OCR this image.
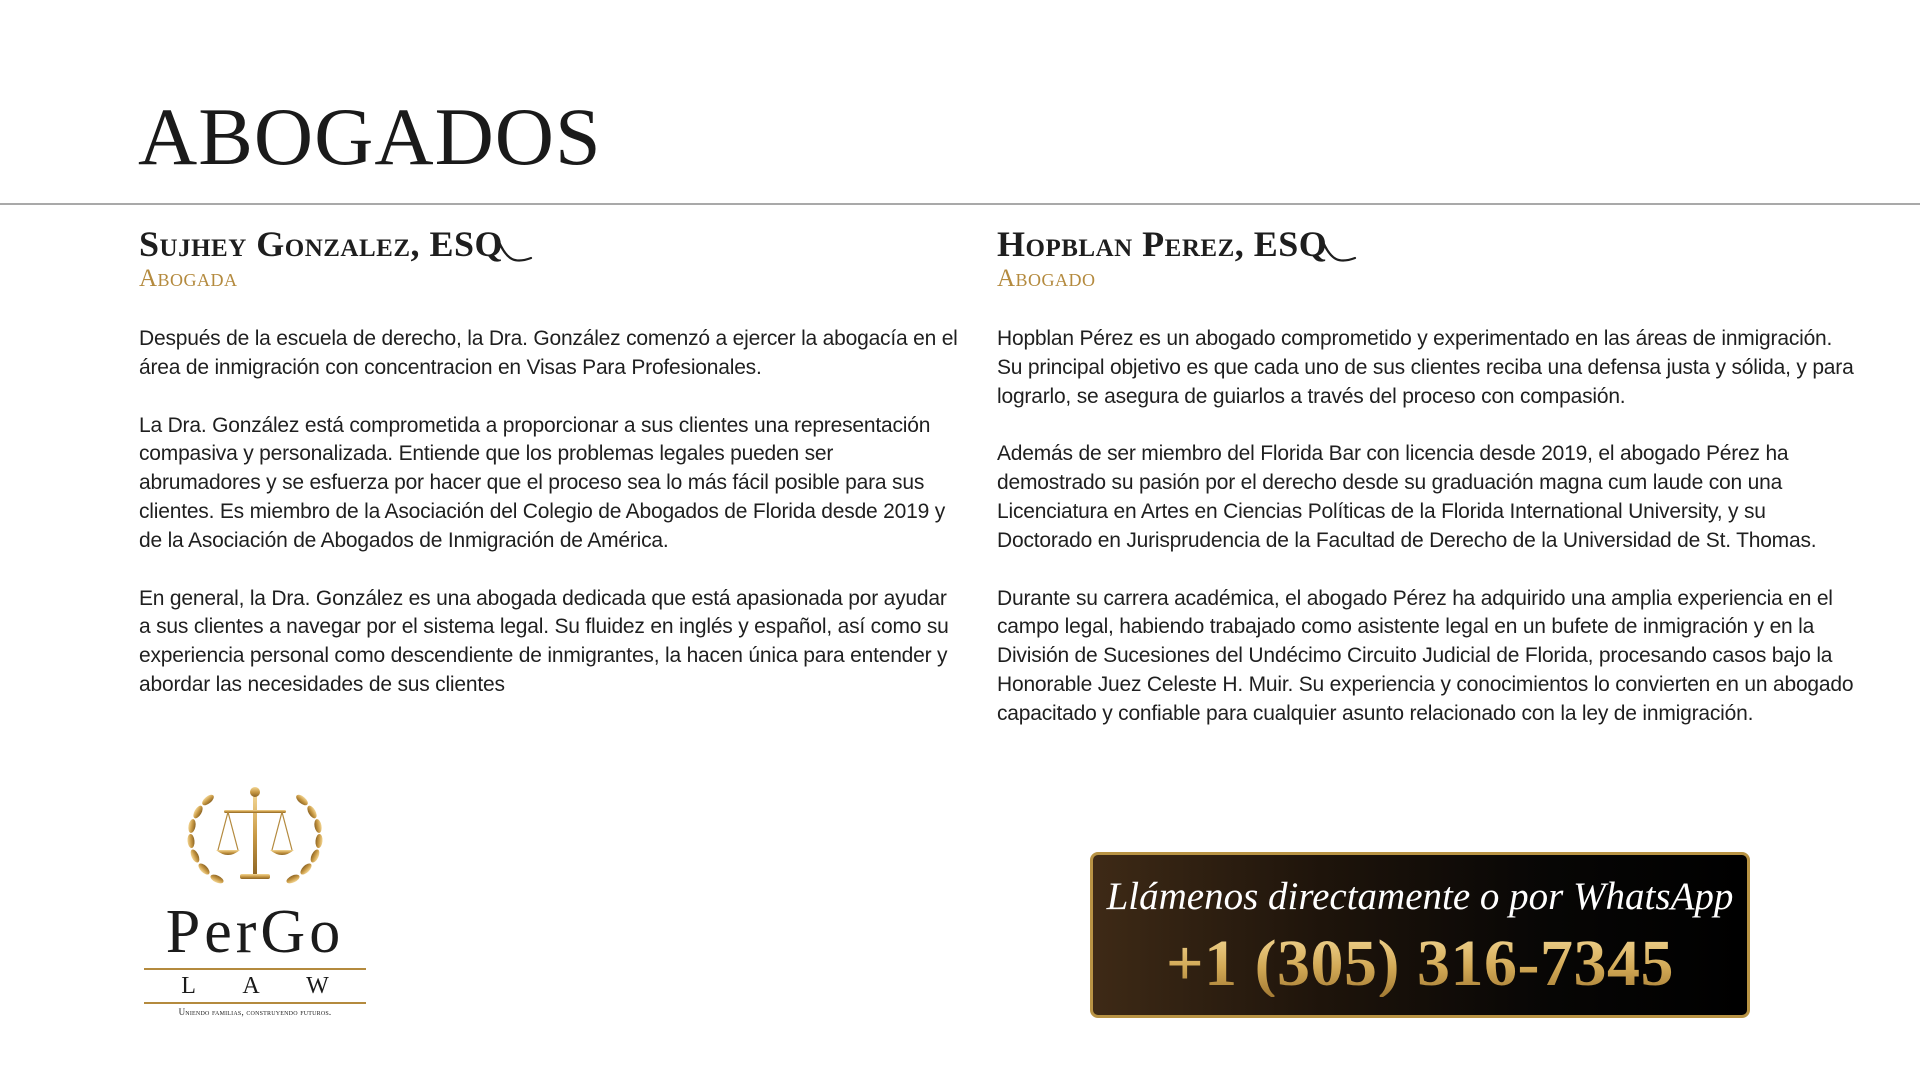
ABOGADOS
Sujhey Gonzalez, ESQ
Abogada

Después de la escuela de derecho, la Dra. González comenzó a ejercer la abogacía en el área de inmigración con concentracion en Visas Para Profesionales.

La Dra. González está comprometida a proporcionar a sus clientes una representación compasiva y personalizada. Entiende que los problemas legales pueden ser abrumadores y se esfuerza por hacer que el proceso sea lo más fácil posible para sus clientes. Es miembro de la Asociación del Colegio de Abogados de Florida desde 2019 y de la Asociación de Abogados de Inmigración de América.

En general, la Dra. González es una abogada dedicada que está apasionada por ayudar a sus clientes a navegar por el sistema legal. Su fluidez en inglés y español, así como su experiencia personal como descendiente de inmigrantes, la hacen única para entender y abordar las necesidades de sus clientes

Hopblan Perez, ESQ
Abogado

Hopblan Pérez es un abogado comprometido y experimentado en las áreas de inmigración. Su principal objetivo es que cada uno de sus clientes reciba una defensa justa y sólida, y para lograrlo, se asegura de guiarlos a través del proceso con compasión.

Además de ser miembro del Florida Bar con licencia desde 2019, el abogado Pérez ha demostrado su pasión por el derecho desde su graduación magna cum laude con una Licenciatura en Artes en Ciencias Políticas de la Florida International University, y su Doctorado en Jurisprudencia de la Facultad de Derecho de la Universidad de St. Thomas.

Durante su carrera académica, el abogado Pérez ha adquirido una amplia experiencia en el campo legal, habiendo trabajado como asistente legal en un bufete de inmigración y en la División de Sucesiones del Undécimo Circuito Judicial de Florida, procesando casos bajo la Honorable Juez Celeste H. Muir. Su experiencia y conocimientos lo convierten en un abogado capacitado y confiable para cualquier asunto relacionado con la ley de inmigración.

PerGo
L A W
Uniendo familias, construyendo futuros.
Llámenos directamente o por WhatsApp
+1 (305) 316-7345
